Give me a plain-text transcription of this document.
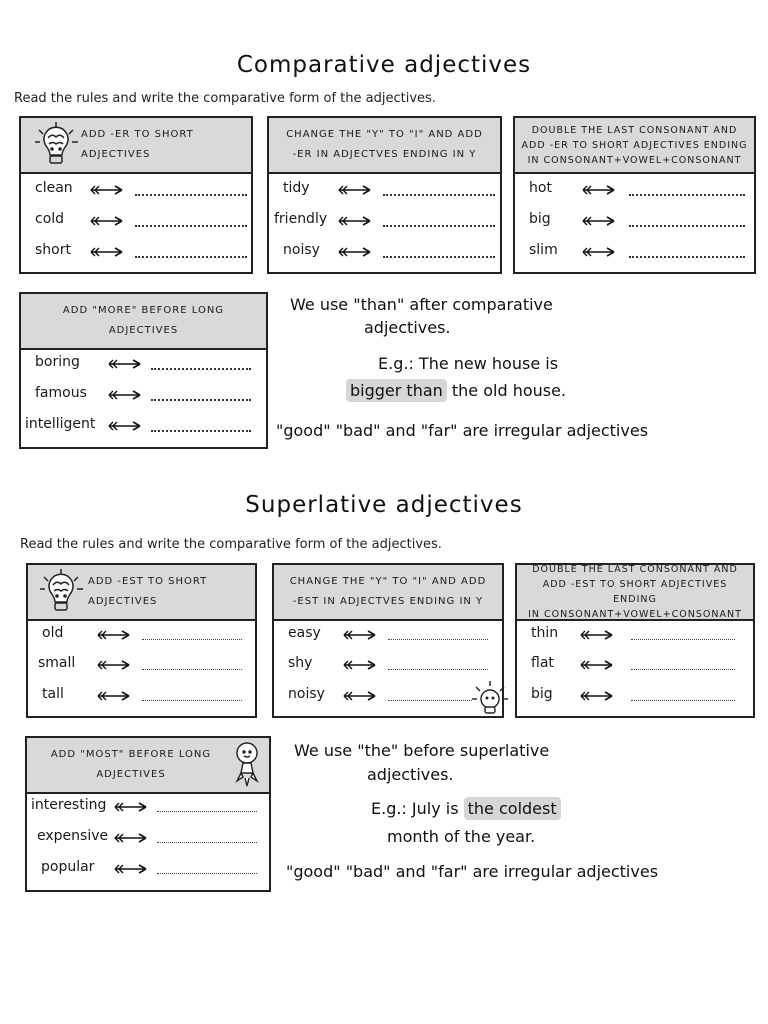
Comparative adjectives
Read the rules and write the comparative form of the adjectives.
ADD -ER TO SHORT
ADJECTIVES
clean
cold
short
CHANGE THE "Y" TO "I" AND ADD
-ER IN ADJECTVES ENDING IN Y
tidy
friendly
noisy
DOUBLE THE LAST CONSONANT AND
ADD -ER TO SHORT ADJECTIVES ENDING
IN CONSONANT+VOWEL+CONSONANT
hot
big
slim
ADD "MORE" BEFORE LONG
ADJECTIVES
boring
famous
intelligent
We use "than" after comparative
adjectives.
E.g.: The new house is
bigger than the old house.
"good" "bad" and "far" are irregular adjectives
Superlative adjectives
Read the rules and write the comparative form of the adjectives.
ADD -EST TO SHORT
ADJECTIVES
old
small
tall
CHANGE THE "Y" TO "I" AND ADD
-EST IN ADJECTVES ENDING IN Y
easy
shy
noisy
DOUBLE THE LAST CONSONANT AND
ADD -EST TO SHORT ADJECTIVES ENDING
IN CONSONANT+VOWEL+CONSONANT
thin
flat
big
ADD "MOST" BEFORE LONG
ADJECTIVES
interesting
expensive
popular
We use "the" before superlative
adjectives.
E.g.: July is the coldest
month of the year.
"good" "bad" and "far" are irregular adjectives
